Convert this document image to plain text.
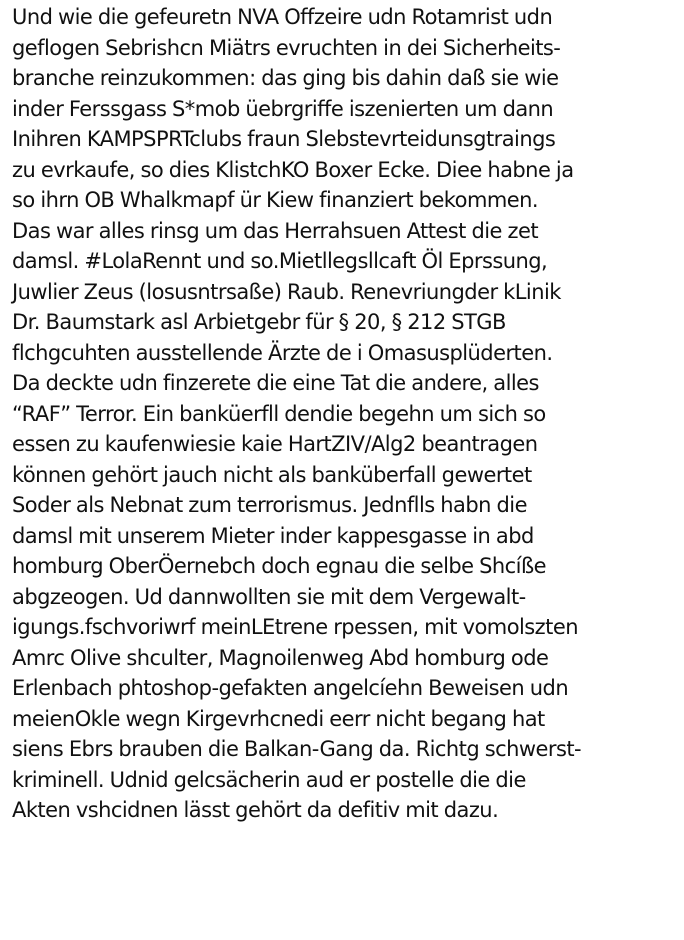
Und wie die gefeuretn NVA Offzeire udn Rotamrist udn
geflogen Sebrishcn Miätrs evruchten in dei Sicherheits-
branche reinzukommen: das ging bis dahin daß sie wie
inder Ferssgass S*mob üebrgriffe iszenierten um dann
Inihren KAMPSPRTclubs fraun Slebstevrteidunsgtraings
zu evrkaufe, so dies KlistchKO Boxer Ecke. Diee habne ja
so ihrn OB Whalkmapf ür Kiew finanziert bekommen.
Das war alles rinsg um das Herrahsuen Attest die zet
damsl. #LolaRennt und so.Mietllegsllcaft Öl Eprssung,
Juwlier Zeus (losusntrsaße) Raub. Renevriungder kLinik
Dr. Baumstark asl Arbietgebr für § 20, § 212 STGB
flchgcuhten ausstellende Ärzte de i Omasusplüderten.
Da deckte udn finzerete die eine Tat die andere, alles
“RAF” Terror. Ein banküerfll dendie begehn um sich so
essen zu kaufenwiesie kaie HartZIV/Alg2 beantragen
können gehört jauch nicht als banküberfall gewertet
Soder als Nebnat zum terrorismus. Jednflls habn die
damsl mit unserem Mieter inder kappesgasse in abd
homburg OberÖernebch doch egnau die selbe Shcíße
abgzeogen. Ud dannwollten sie mit dem Vergewalt-
igungs.fschvoriwrf meinLEtrene rpessen, mit vomolszten
Amrc Olive shculter, Magnoilenweg Abd homburg ode
Erlenbach phtoshop-gefakten angelcíehn Beweisen udn
meienOkle wegn Kirgevrhcnedi eerr nicht begang hat
siens Ebrs brauben die Balkan-Gang da. Richtg schwerst-
kriminell. Udnid gelcsächerin aud er postelle die die
Akten vshcidnen lässt gehört da defitiv mit dazu.
